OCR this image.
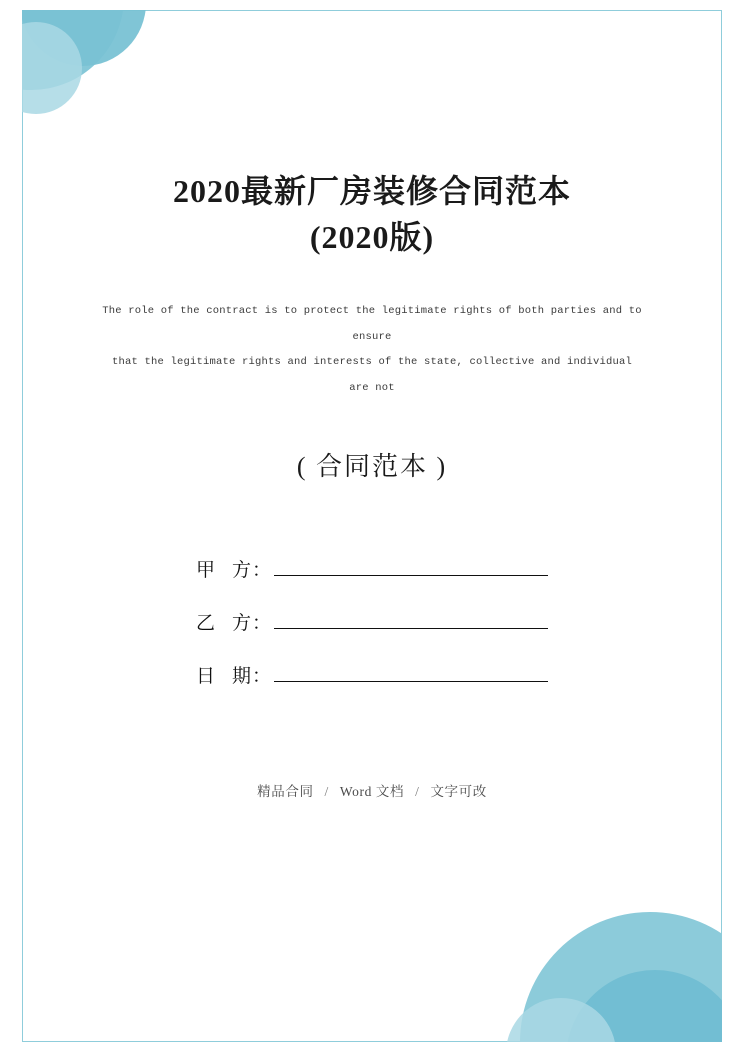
2020最新厂房装修合同范本
(2020版)
The role of the contract is to protect the legitimate rights of both parties and to ensure
that the legitimate rights and interests of the state, collective and individual are not
( 合同范本 )
甲 方：
乙 方：
日 期：
精品合同 / Word 文档 / 文字可改
